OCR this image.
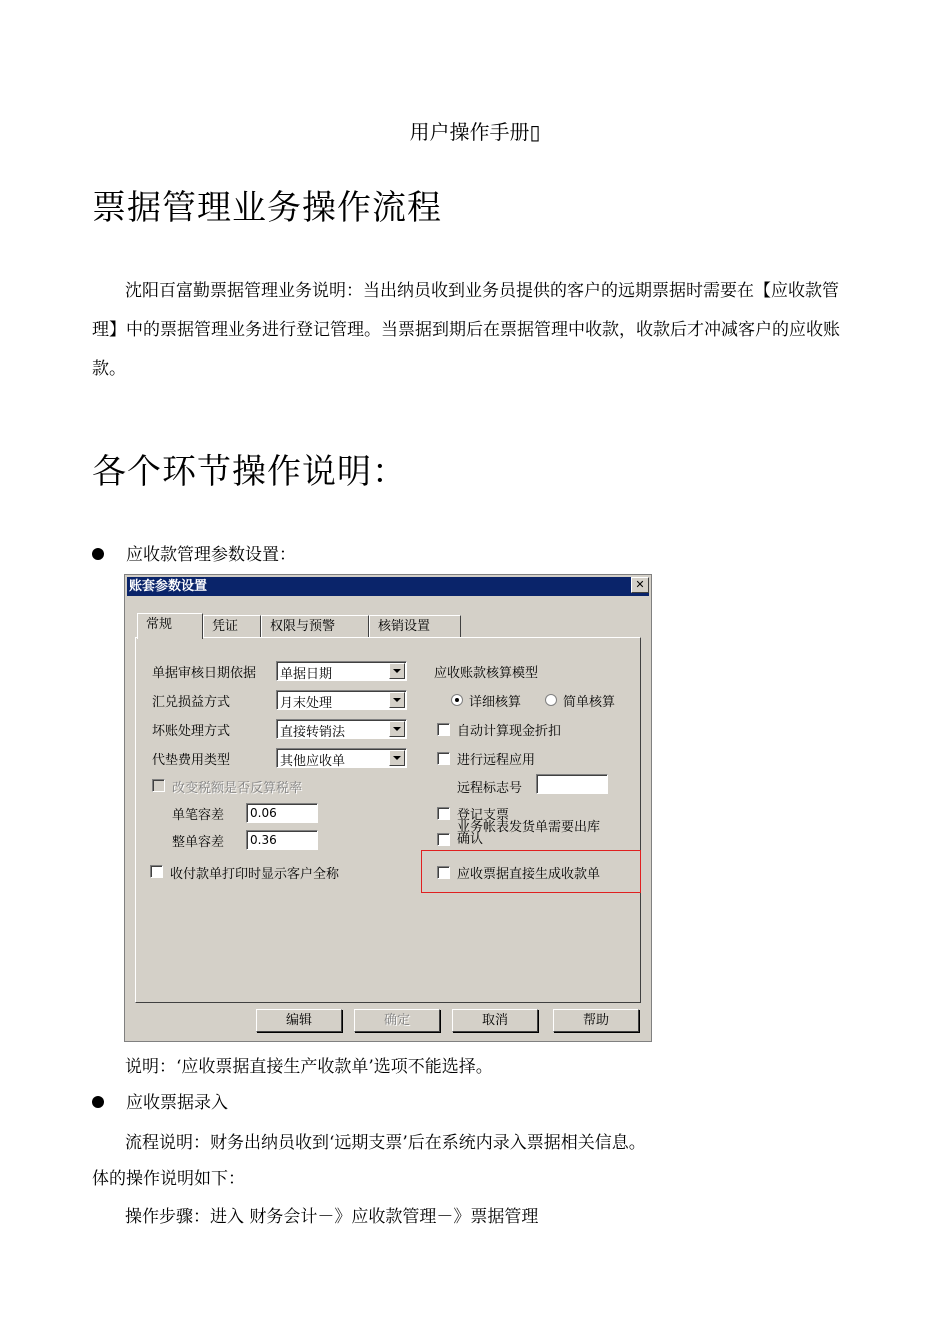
用户操作手册▯
票据管理业务操作流程

沈阳百富勤票据管理业务说明：当出纳员收到业务员提供的客户的远期票据时需要在【应收款管理】中的票据管理业务进行登记管理。当票据到期后在票据管理中收款，收款后才冲减客户的应收账款。

各个环节操作说明：
应收款管理参数设置：
账套参数设置	✕
常规	凭证	权限与预警	核销设置
单据审核日期依据 单据日期
汇兑损益方式	月末处理
坏账处理方式	直接转销法
代垫费用类型	其他应收单
改变税额是否反算税率
单笔容差	0.06
整单容差	0.36
收付款单打印时显示客户全称
应收账款核算模型
详细核算	简单核算
自动计算现金折扣
进行远程应用
远程标志号
登记支票
业务帐表发货单需要出库
确认
应收票据直接生成收款单
编辑	确定	取消	帮助
说明：‘应收票据直接生产收款单’选项不能选择。
应收票据录入
流程说明：财务出纳员收到‘远期支票’后在系统内录入票据相关信息。
体的操作说明如下：
操作步骤：进入 财务会计－》应收款管理－》票据管理
